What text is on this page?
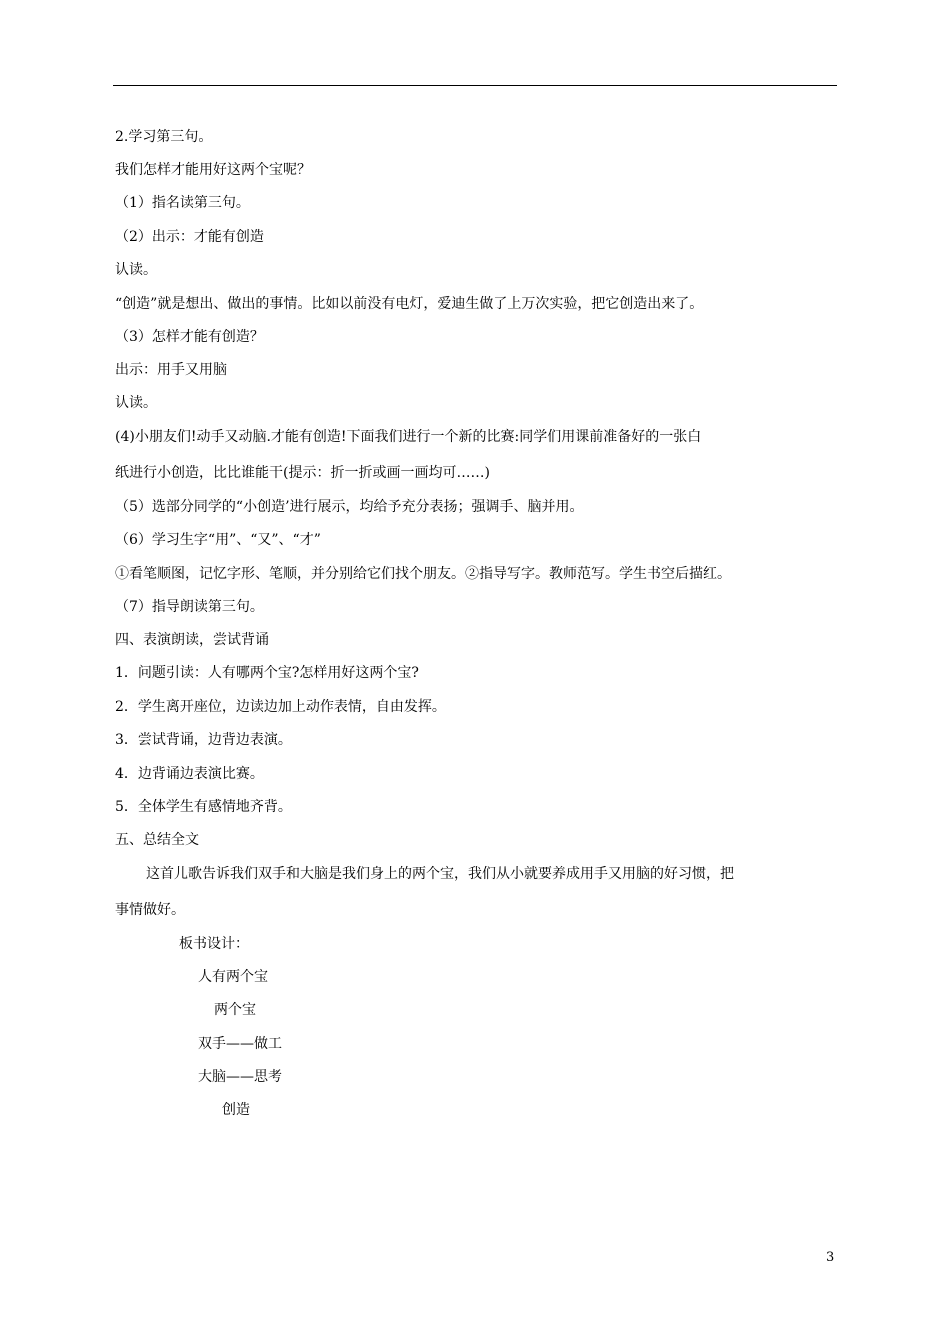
2.学习第三句。
我们怎样才能用好这两个宝呢？
（1）指名读第三句。
（2）出示：才能有创造
认读。
“创造”就是想出、做出的事情。比如以前没有电灯，爱迪生做了上万次实验，把它创造出来了。
（3）怎样才能有创造？
出示：用手又用脑
认读。
(4)小朋友们!动手又动脑.才能有创造!下面我们进行一个新的比赛:同学们用课前准备好的一张白
纸进行小创造，比比谁能干(提示：折一折或画一画均可……)
（5）选部分同学的“小创造’进行展示，均给予充分表扬；强调手、脑并用。
（6）学习生字“用”、“又”、“才”
①看笔顺图，记忆字形、笔顺，并分别给它们找个朋友。②指导写字。教师范写。学生书空后描红。
（7）指导朗读第三句。
四、表演朗读，尝试背诵
1．问题引读：人有哪两个宝?怎样用好这两个宝?
2．学生离开座位，边读边加上动作表情，自由发挥。
3．尝试背诵，边背边表演。
4．边背诵边表演比赛。
5．全体学生有感情地齐背。
五、总结全文
这首儿歌告诉我们双手和大脑是我们身上的两个宝，我们从小就要养成用手又用脑的好习惯，把
事情做好。
板书设计：
人有两个宝
两个宝
双手——做工
大脑——思考
创造
3
